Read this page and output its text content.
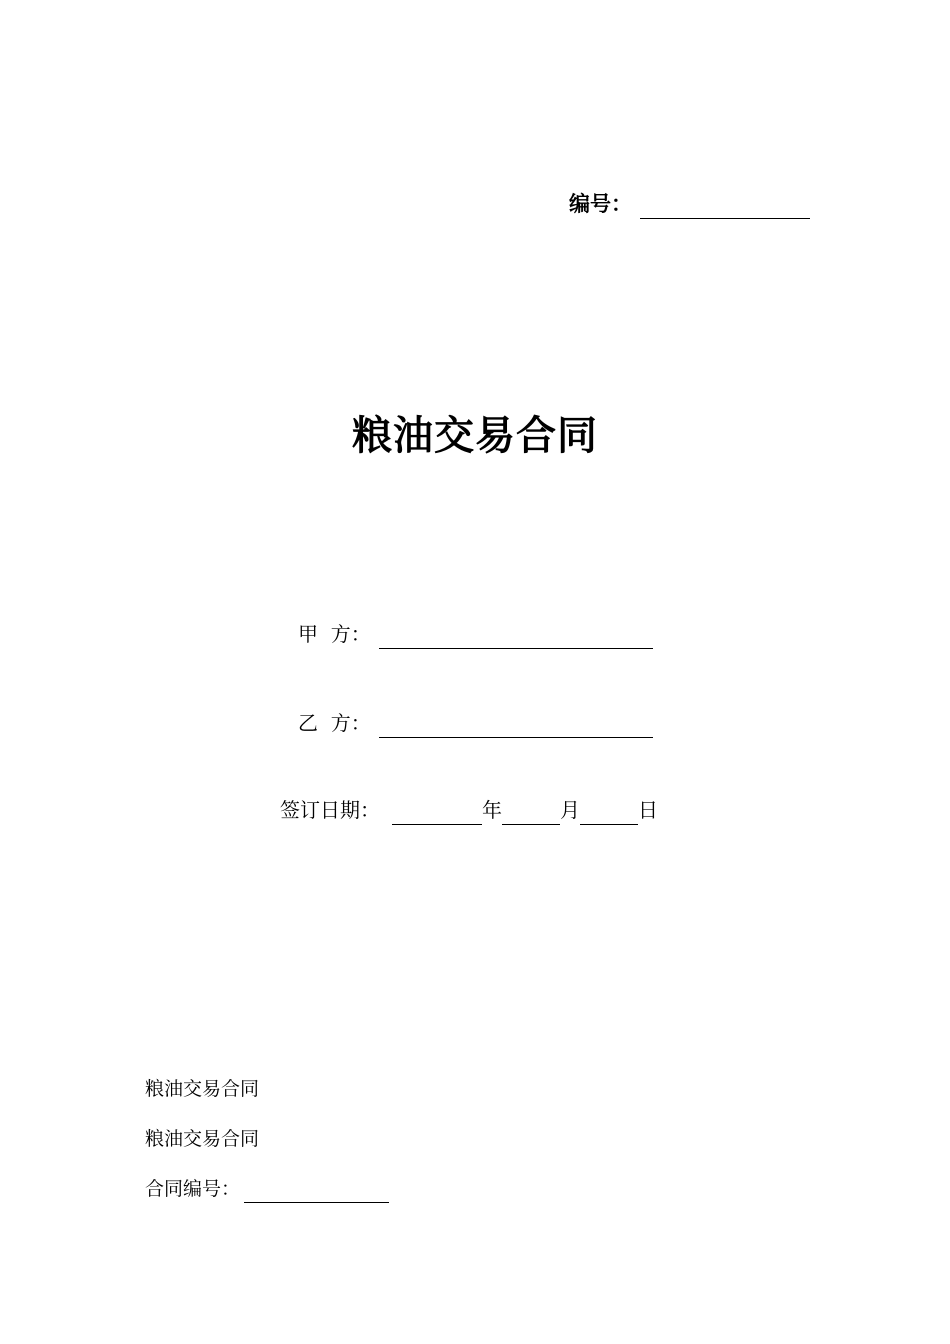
编号：
粮油交易合同
甲  方：
乙  方：
签订日期：	年	月	日
粮油交易合同
粮油交易合同
合同编号：
